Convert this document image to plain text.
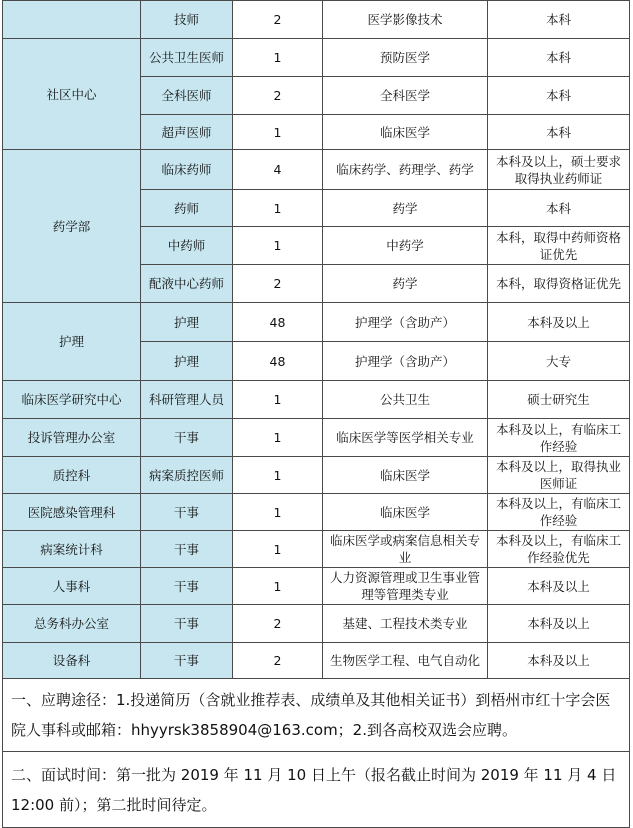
	技师	2	医学影像技术	本科
社区中心	公共卫生医师	1	预防医学	本科
	全科医师	2	全科医学	本科
	超声医师	1	临床医学	本科
药学部	临床药师	4	临床药学、药理学、药学	本科及以上，硕士要求取得执业药师证
	药师	1	药学	本科
	中药师	1	中药学	本科，取得中药师资格证优先
	配液中心药师	2	药学	本科，取得资格证优先
护理	护理	48	护理学（含助产）	本科及以上
	护理	48	护理学（含助产）	大专
临床医学研究中心	科研管理人员	1	公共卫生	硕士研究生
投诉管理办公室	干事	1	临床医学等医学相关专业	本科及以上，有临床工作经验
质控科	病案质控医师	1	临床医学	本科及以上，取得执业医师证
医院感染管理科	干事	1	临床医学	本科及以上，有临床工作经验
病案统计科	干事	1	临床医学或病案信息相关专业	本科及以上，有临床工作经验优先
人事科	干事	1	人力资源管理或卫生事业管理等管理类专业	本科及以上
总务科办公室	干事	2	基建、工程技术类专业	本科及以上
设备科	干事	2	生物医学工程、电气自动化	本科及以上
一、应聘途径：1.投递简历（含就业推荐表、成绩单及其他相关证书）到梧州市红十字会医院人事科或邮箱：hhyyrsk3858904@163.com；2.到各高校双选会应聘。				
二、面试时间：第一批为 2019 年 11 月 10 日上午（报名截止时间为 2019 年 11 月 4 日 12:00 前）；第二批时间待定。				
